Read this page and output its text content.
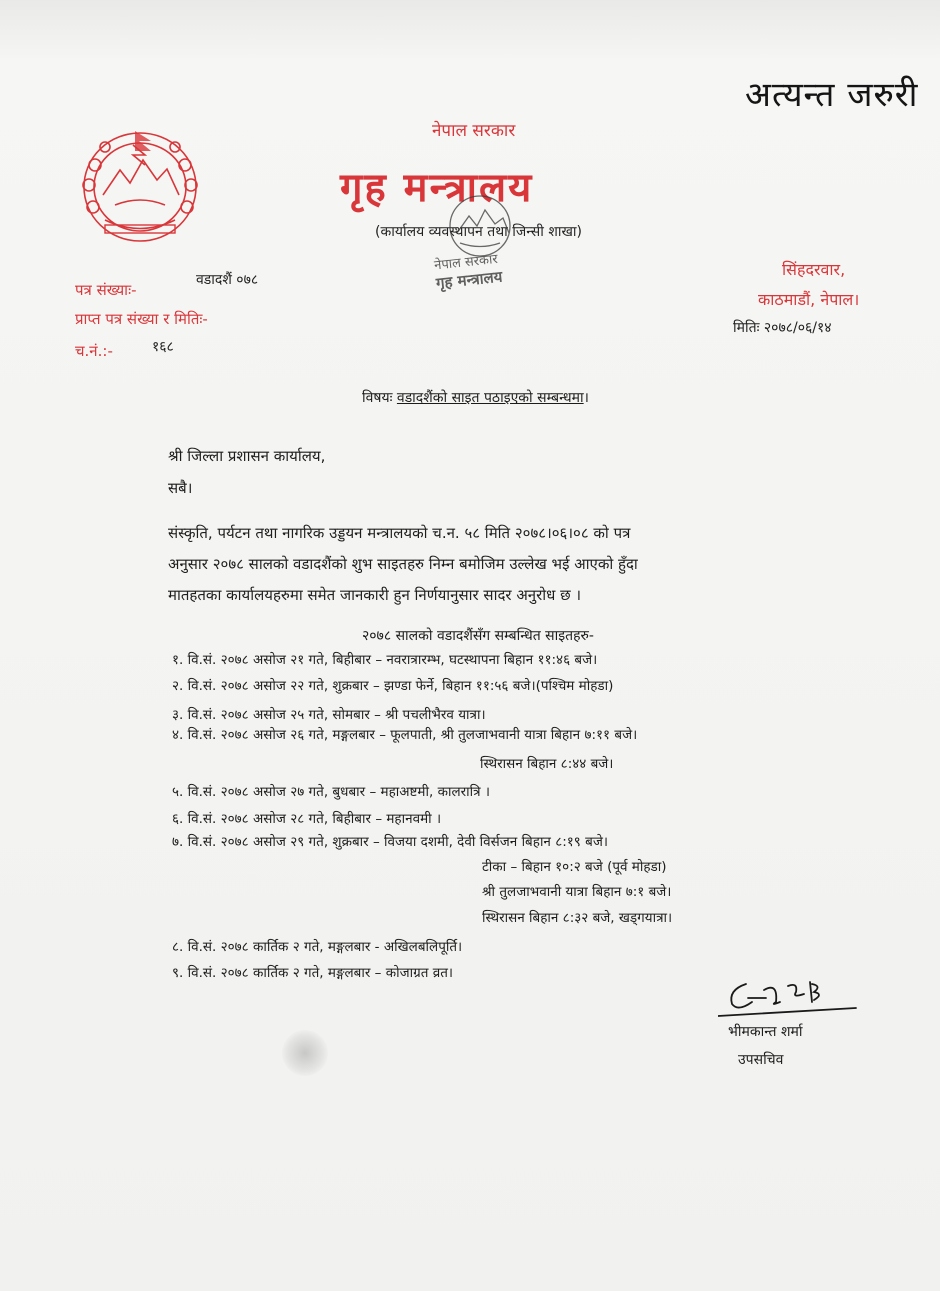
अत्यन्त जरुरी
नेपाल सरकार
गृह मन्त्रालय
(कार्यालय व्यवस्थापन तथा जिन्सी शाखा)
नेपाल सरकार
गृह मन्त्रालय
पत्र संख्याः-
वडादशैं ०७८
प्राप्त पत्र संख्या र मितिः-
च.नं.:-	१६८
सिंहदरवार,
काठमाडौं, नेपाल।
मितिः २०७८/०६/१४
विषयः वडादशैंको साइत पठाइएको सम्बन्धमा।
श्री जिल्ला प्रशासन कार्यालय,
सबै।
संस्कृति, पर्यटन तथा नागरिक उड्डयन मन्त्रालयको च.न. ५८ मिति २०७८।०६।०८ को पत्र
अनुसार २०७८ सालको वडादशैंको शुभ साइतहरु निम्न बमोजिम उल्लेख भई आएको हुँदा
मातहतका कार्यालयहरुमा समेत जानकारी हुन निर्णयानुसार सादर अनुरोध छ ।
२०७८ सालको वडादशैंसँग सम्बन्धित साइतहरु-
१. वि.सं. २०७८ असोज २१ गते, बिहीबार – नवरात्रारम्भ, घटस्थापना बिहान ११:४६ बजे।
२. वि.सं. २०७८ असोज २२ गते, शुक्रबार – झण्डा फेर्ने, बिहान ११:५६ बजे।(पश्चिम मोहडा)
३. वि.सं. २०७८ असोज २५ गते, सोमबार – श्री पचलीभैरव यात्रा।
४. वि.सं. २०७८ असोज २६ गते, मङ्गलबार – फूलपाती, श्री तुलजाभवानी यात्रा बिहान ७:११ बजे।
स्थिरासन बिहान ८:४४ बजे।
५. वि.सं. २०७८ असोज २७ गते, बुधबार – महाअष्टमी, कालरात्रि ।
६. वि.सं. २०७८ असोज २८ गते, बिहीबार – महानवमी ।
७. वि.सं. २०७८ असोज २९ गते, शुक्रबार – विजया दशमी, देवी विर्सजन बिहान ८:१९ बजे।
टीका – बिहान १०:२ बजे (पूर्व मोहडा)
श्री तुलजाभवानी यात्रा बिहान ७:१ बजे।
स्थिरासन बिहान ८:३२ बजे, खड्गयात्रा।
८. वि.सं. २०७८ कार्तिक २ गते, मङ्गलबार - अखिलबलिपूर्ति।
९. वि.सं. २०७८ कार्तिक २ गते, मङ्गलबार – कोजाग्रत व्रत।
भीमकान्त शर्मा
उपसचिव
